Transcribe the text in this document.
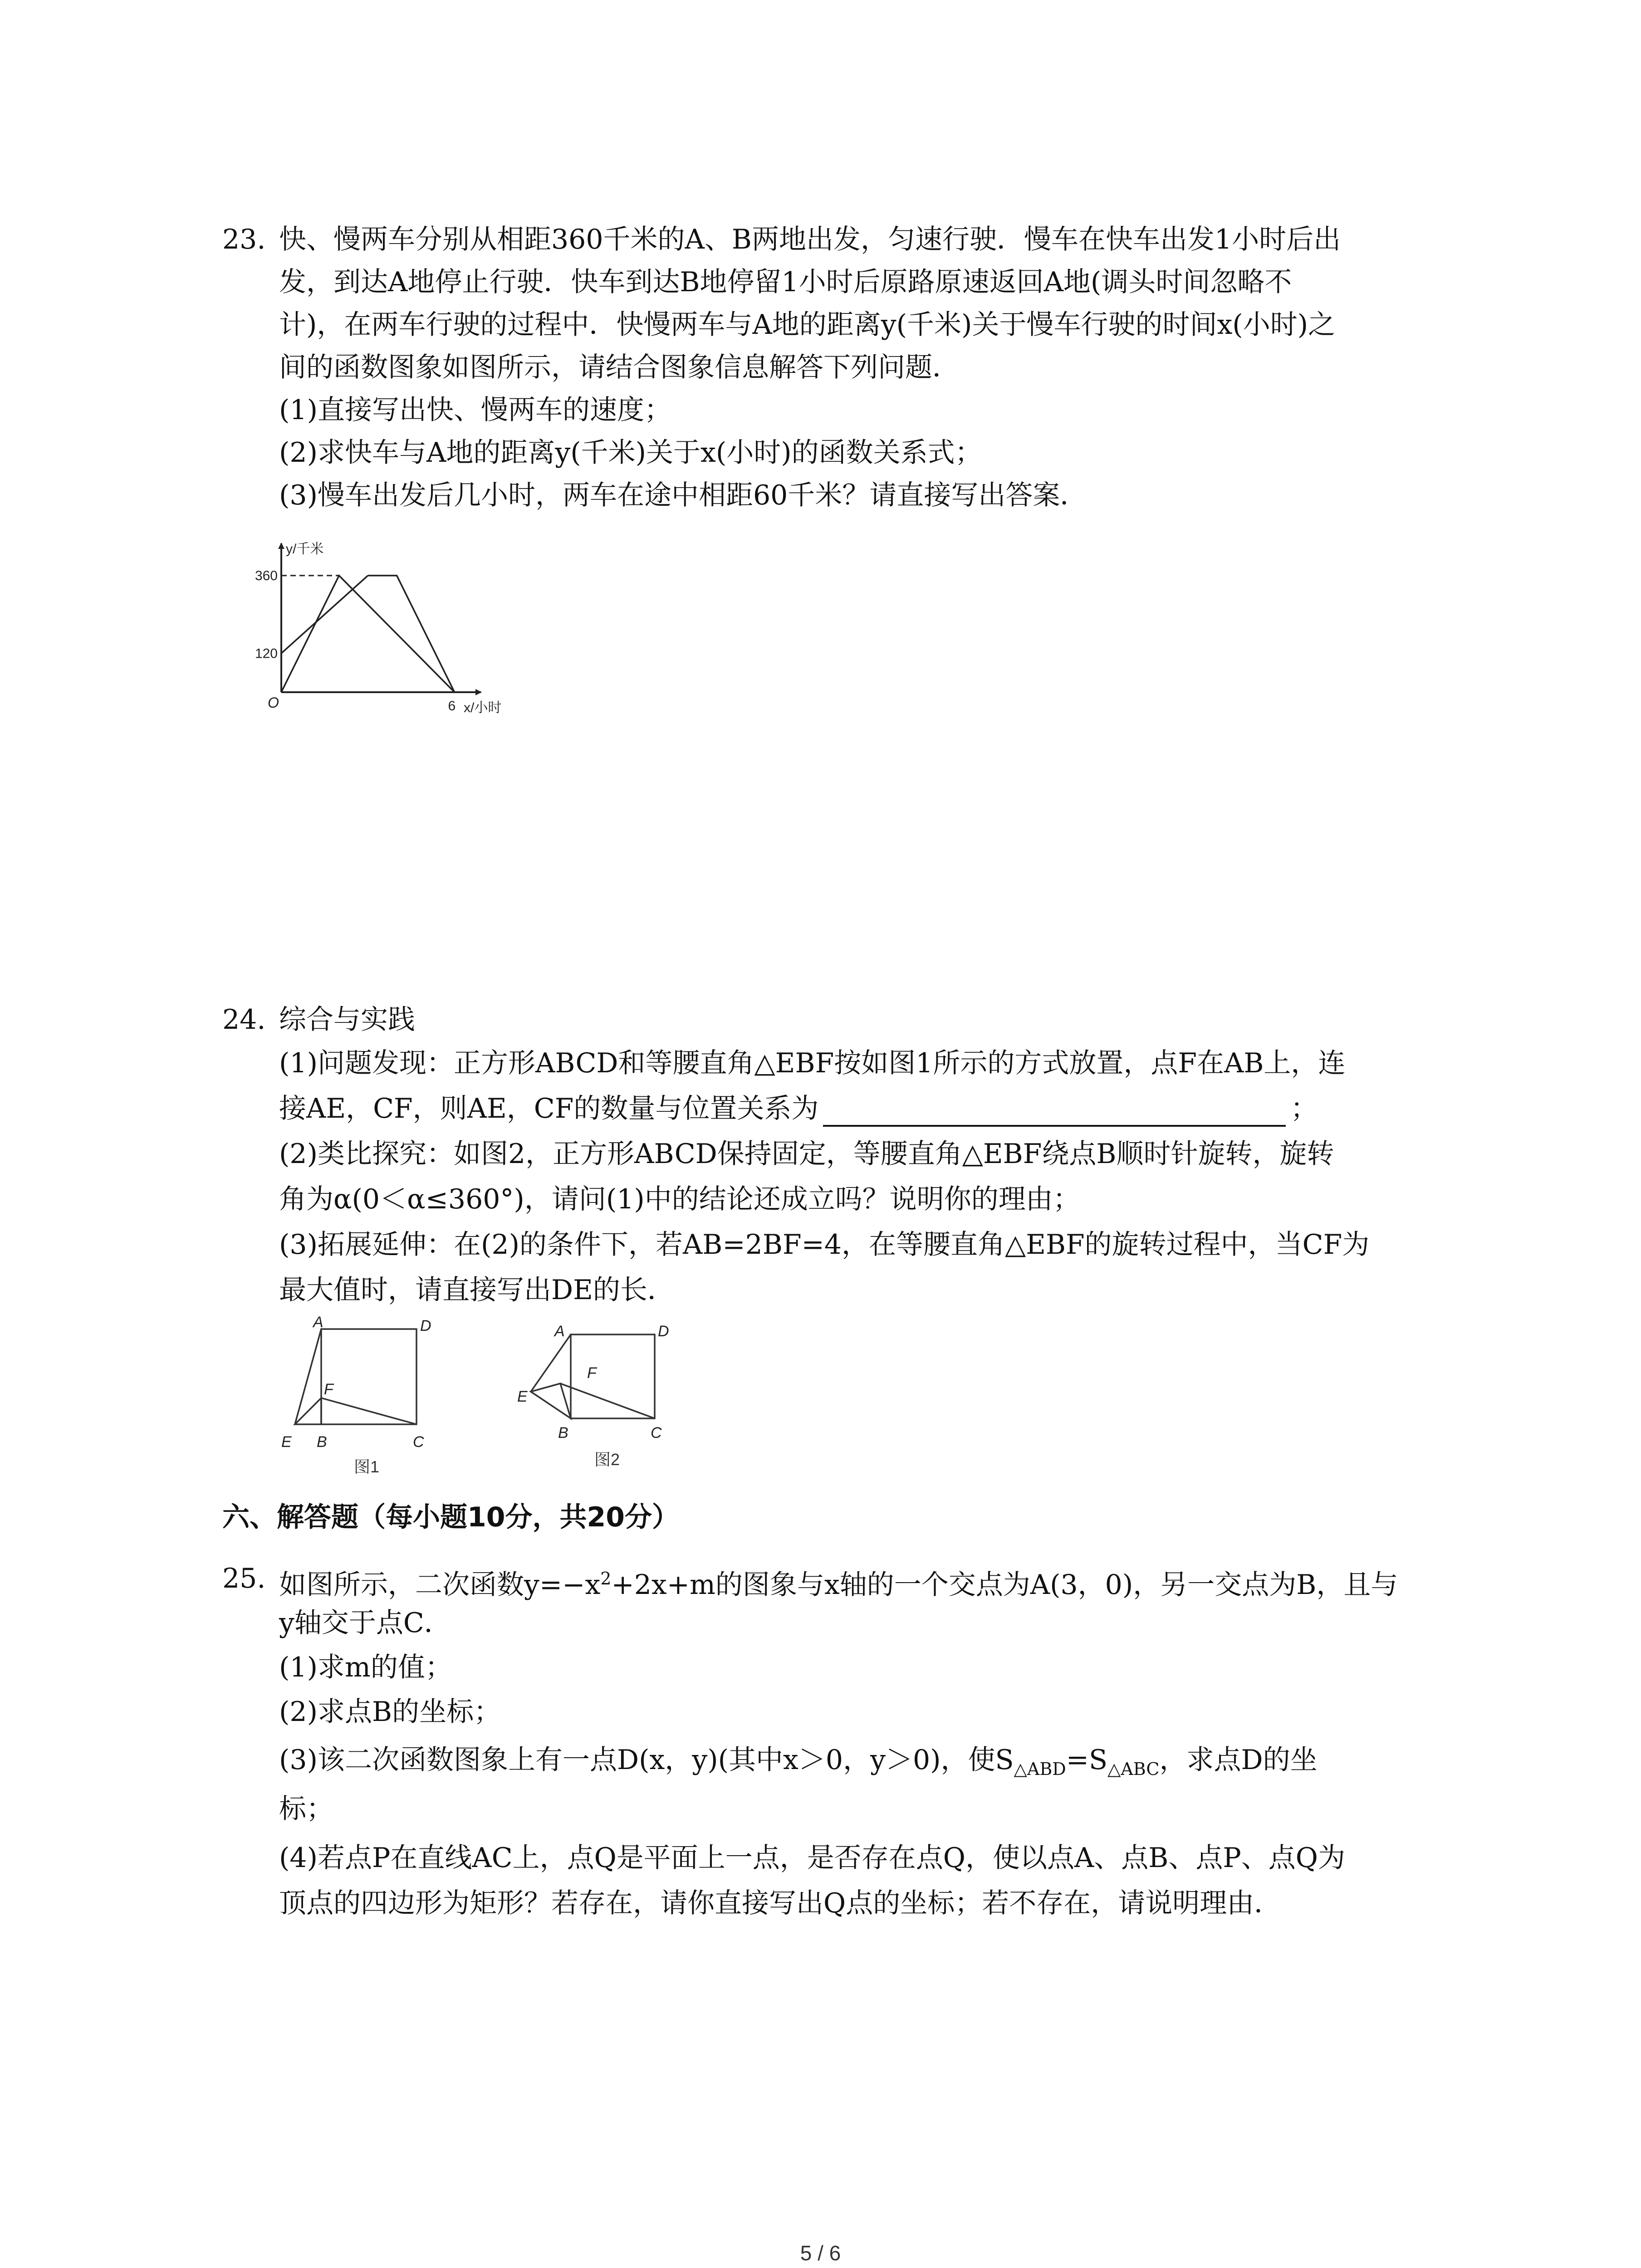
23. 快、慢两车分别从相距360千米的A、B两地出发，匀速行驶．慢车在快车出发1小时后出
发，到达A地停止行驶．快车到达B地停留1小时后原路原速返回A地(调头时间忽略不
计)，在两车行驶的过程中．快慢两车与A地的距离y(千米)关于慢车行驶的时间x(小时)之
间的函数图象如图所示，请结合图象信息解答下列问题．
(1)直接写出快、慢两车的速度；
(2)求快车与A地的距离y(千米)关于x(小时)的函数关系式；
(3)慢车出发后几小时，两车在途中相距60千米？请直接写出答案．
y/千米
x/小时
O
360
120
6
24. 综合与实践
(1)问题发现：正方形ABCD和等腰直角△EBF按如图1所示的方式放置，点F在AB上，连
接AE，CF，则AE，CF的数量与位置关系为	；
(2)类比探究：如图2，正方形ABCD保持固定，等腰直角△EBF绕点B顺时针旋转，旋转
角为α(0＜α≤360°)，请问(1)中的结论还成立吗？说明你的理由；
(3)拓展延伸：在(2)的条件下，若AB=2BF=4，在等腰直角△EBF的旋转过程中，当CF为
最大值时，请直接写出DE的长．
A	D
F
E B	C
图1
A	D
F
E
B	C
图2
六、解答题（每小题10分，共20分）
25. 如图所示，二次函数$y=-x^2+2x+m$的图象与x轴的一个交点为A(3，0)，另一交点为B，且与
y轴交于点C．
(1)求m的值；
(2)求点B的坐标；
(3)该二次函数图象上有一点D(x，y)(其中x＞0，y＞0)，使$S_{\triangle ABD}=S_{\triangle ABC}$，求点D的坐
标；
(4)若点P在直线AC上，点Q是平面上一点，是否存在点Q，使以点A、点B、点P、点Q为
顶点的四边形为矩形？若存在，请你直接写出Q点的坐标；若不存在，请说明理由．
5 / 6
